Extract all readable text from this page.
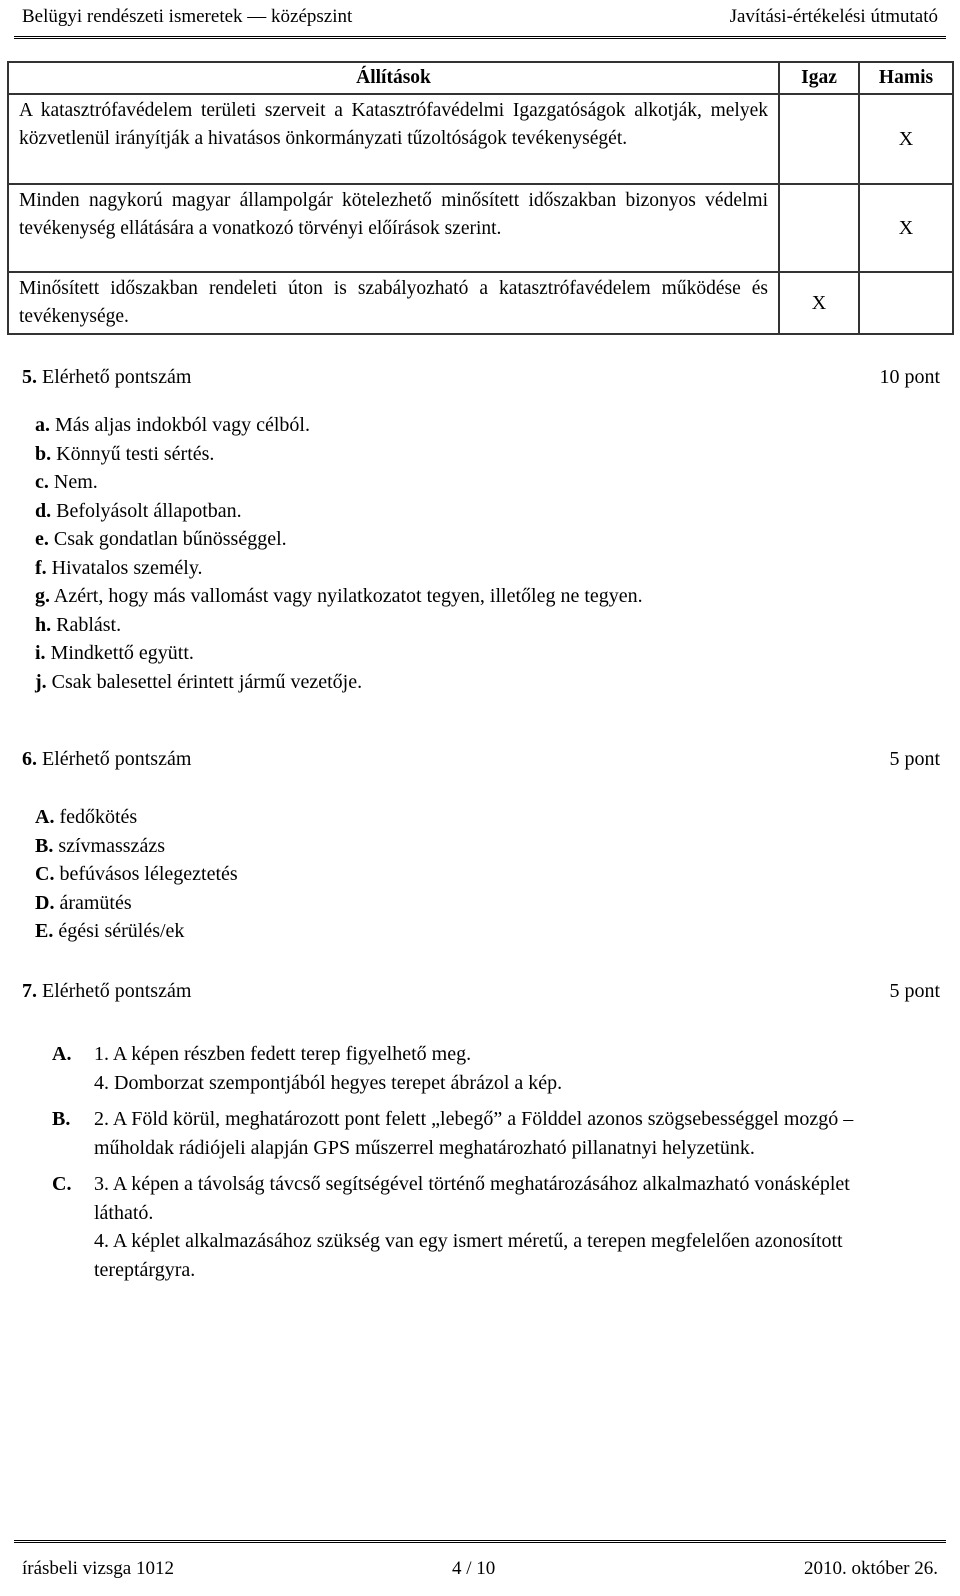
Belügyi rendészeti ismeretek — középszint	Javítási-értékelési útmutató
Állítások	Igaz	Hamis
A katasztrófavédelem területi szerveit a Katasztrófavédelmi Igazgatóságok alkotják, melyek közvetlenül irányítják a hivatásos önkormányzati tűzoltóságok tevékenységét.		X
Minden nagykorú magyar állampolgár kötelezhető minősített időszakban bizonyos védelmi tevékenység ellátására a vonatkozó törvényi előírások szerint.		X
Minősített időszakban rendeleti úton is szabályozható a katasztrófavédelem működése és tevékenysége.	X	
5. Elérhető pontszám	10 pont
a. Más aljas indokból vagy célból.
b. Könnyű testi sértés.
c. Nem.
d. Befolyásolt állapotban.
e. Csak gondatlan bűnösséggel.
f. Hivatalos személy.
g. Azért, hogy más vallomást vagy nyilatkozatot tegyen, illetőleg ne tegyen.
h. Rablást.
i. Mindkettő együtt.
j. Csak balesettel érintett jármű vezetője.
6. Elérhető pontszám	5 pont
A. fedőkötés
B. szívmasszázs
C. befúvásos lélegeztetés
D. áramütés
E. égési sérülés/ek
7. Elérhető pontszám	5 pont
A. 1. A képen részben fedett terep figyelhető meg.
4. Domborzat szempontjából hegyes terepet ábrázol a kép.
B. 2. A Föld körül, meghatározott pont felett „lebegő” a Földdel azonos szögsebességgel mozgó – műholdak rádiójeli alapján GPS műszerrel meghatározható pillanatnyi helyzetünk.
C. 3. A képen a távolság távcső segítségével történő meghatározásához alkalmazható vonásképlet látható.
4. A képlet alkalmazásához szükség van egy ismert méretű, a terepen megfelelően azonosított tereptárgyra.
írásbeli vizsga 1012	4 / 10	2010. október 26.
